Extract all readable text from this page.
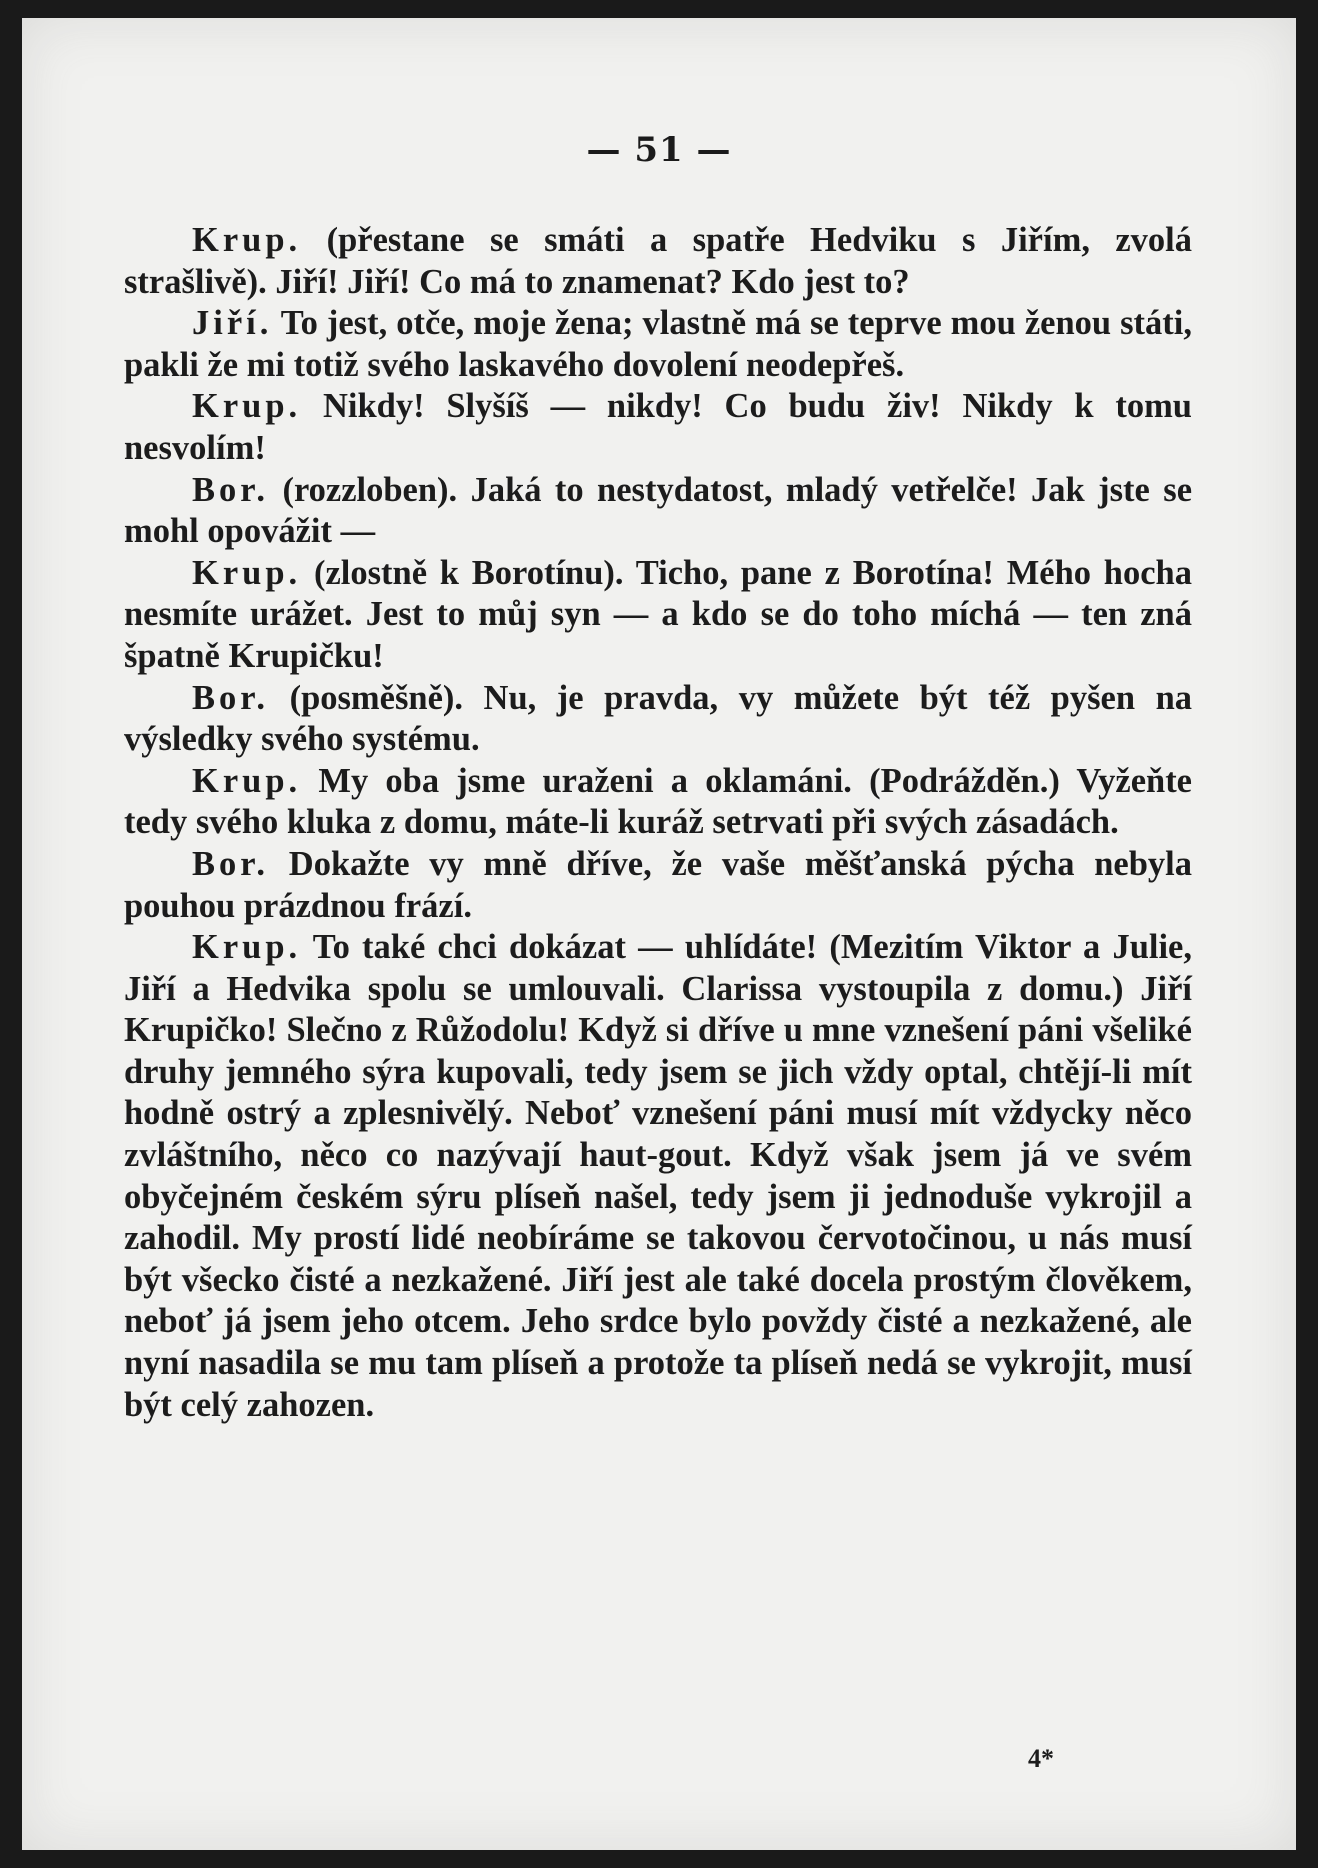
— 51 —

Krup. (přestane se smáti a spatře Hedviku s Jiřím, zvolá strašlivě). Jiří! Jiří! Co má to znamenat? Kdo jest to?

Jiří. To jest, otče, moje žena; vlastně má se teprve mou ženou státi, pakli že mi totiž svého laskavého dovolení neodepřeš.

Krup. Nikdy! Slyšíš — nikdy! Co budu živ! Nikdy k tomu nesvolím!

Bor. (rozzloben). Jaká to nestydatost, mladý vetřelče! Jak jste se mohl opovážit —

Krup. (zlostně k Borotínu). Ticho, pane z Borotína! Mého hocha nesmíte urážet. Jest to můj syn — a kdo se do toho míchá — ten zná špatně Krupičku!

Bor. (posměšně). Nu, je pravda, vy můžete být též pyšen na výsledky svého systému.

Krup. My oba jsme uraženi a oklamáni. (Podrážděn.) Vyžeňte tedy svého kluka z domu, máte-li kuráž setrvati při svých zásadách.

Bor. Dokažte vy mně dříve, že vaše měšťanská pýcha nebyla pouhou prázdnou frází.

Krup. To také chci dokázat — uhlídáte! (Mezitím Viktor a Julie, Jiří a Hedvika spolu se umlouvali. Clarissa vystoupila z domu.) Jiří Krupičko! Slečno z Růžodolu! Když si dříve u mne vznešení páni všeliké druhy jemného sýra kupovali, tedy jsem se jich vždy optal, chtějí-li mít hodně ostrý a zplesnivělý. Neboť vznešení páni musí mít vždycky něco zvláštního, něco co nazývají haut-gout. Když však jsem já ve svém obyčejném českém sýru plíseň našel, tedy jsem ji jednoduše vykrojil a zahodil. My prostí lidé neobíráme se takovou červotočinou, u nás musí být všecko čisté a nezkažené. Jiří jest ale také docela prostým člověkem, neboť já jsem jeho otcem. Jeho srdce bylo povždy čisté a nezkažené, ale nyní nasadila se mu tam plíseň a protože ta plíseň nedá se vykrojit, musí být celý zahozen.

4*
